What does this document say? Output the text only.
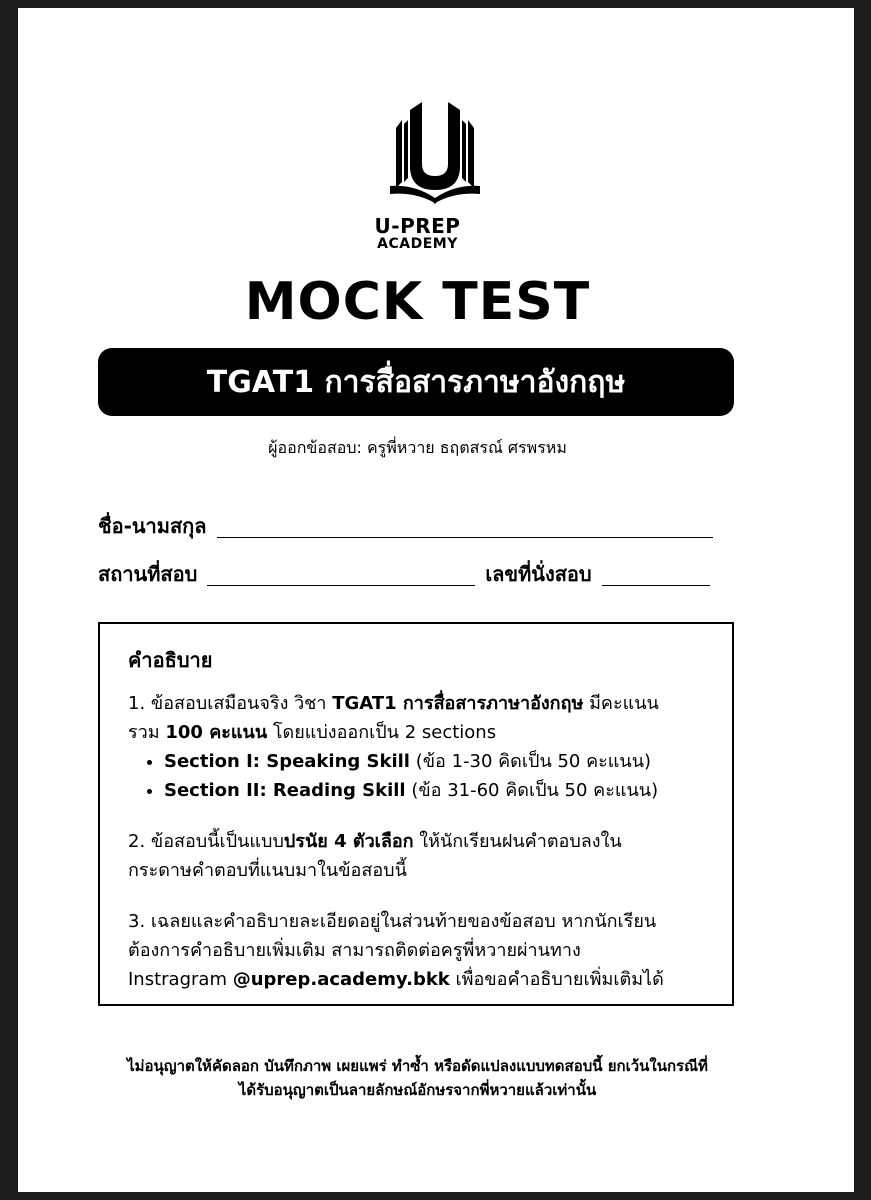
U-PREP
ACADEMY
MOCK TEST
TGAT1 การสื่อสารภาษาอังกฤษ
ผู้ออกข้อสอบ: ครูพี่หวาย ธฤตสรณ์ ศรพรหม
ชื่อ-นามสกุล
สถานที่สอบ	เลขที่นั่งสอบ
คำอธิบาย
1. ข้อสอบเสมือนจริง วิชา TGAT1 การสื่อสารภาษาอังกฤษ มีคะแนน
รวม 100 คะแนน โดยแบ่งออกเป็น 2 sections
• Section I: Speaking Skill (ข้อ 1-30 คิดเป็น 50 คะแนน)
• Section II: Reading Skill (ข้อ 31-60 คิดเป็น 50 คะแนน)
2. ข้อสอบนี้เป็นแบบปรนัย 4 ตัวเลือก ให้นักเรียนฝนคำตอบลงใน
กระดาษคำตอบที่แนบมาในข้อสอบนี้
3. เฉลยและคำอธิบายละเอียดอยู่ในส่วนท้ายของข้อสอบ หากนักเรียน
ต้องการคำอธิบายเพิ่มเติม สามารถติดต่อครูพี่หวายผ่านทาง
Instragram @uprep.academy.bkk เพื่อขอคำอธิบายเพิ่มเติมได้
ไม่อนุญาตให้คัดลอก บันทึกภาพ เผยแพร่ ทำซ้ำ หรือดัดแปลงแบบทดสอบนี้ ยกเว้นในกรณีที่
ได้รับอนุญาตเป็นลายลักษณ์อักษรจากพี่หวายแล้วเท่านั้น
